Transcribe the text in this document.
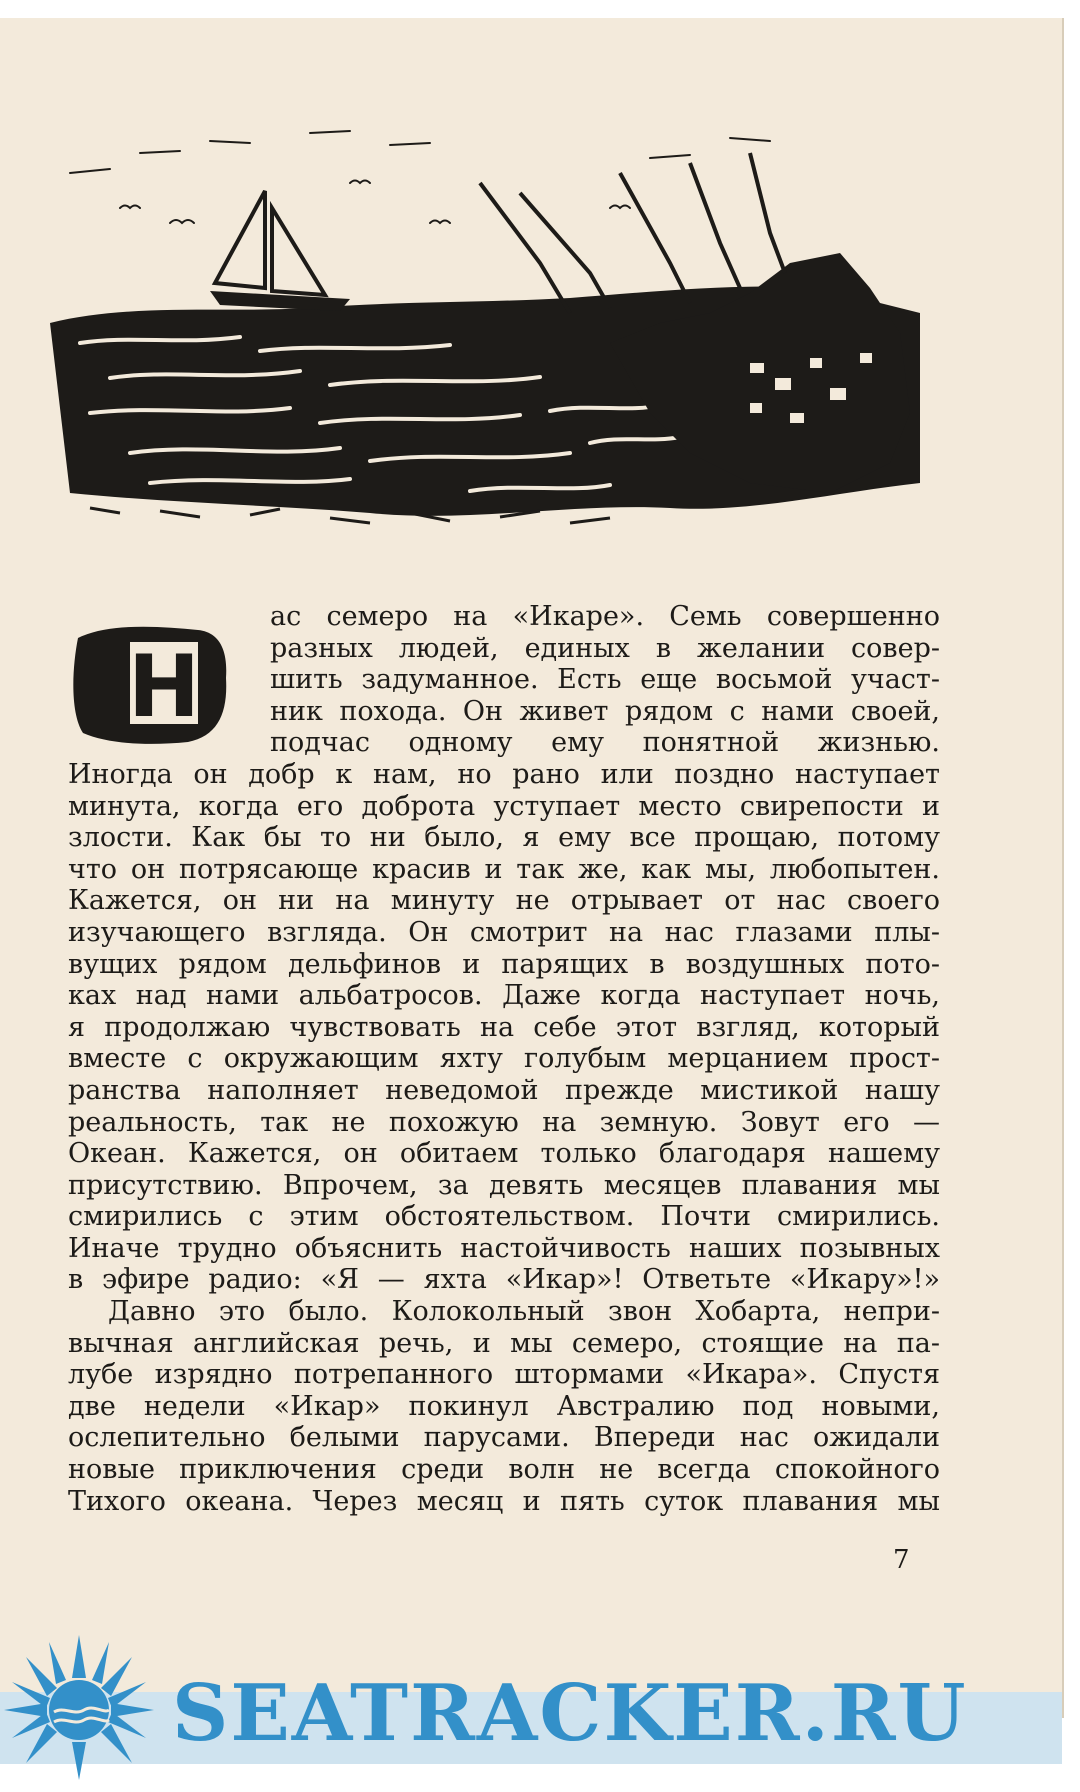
Н
ас семеро на «Икаре». Семь совершенно
разных людей, единых в желании совер-
шить задуманное. Есть еще восьмой участ-
ник похода. Он живет рядом с нами своей,
подчас одному ему понятной жизнью.
Иногда он добр к нам, но рано или поздно наступает
минута, когда его доброта уступает место свирепости и
злости. Как бы то ни было, я ему все прощаю, потому
что он потрясающе красив и так же, как мы, любопытен.
Кажется, он ни на минуту не отрывает от нас своего
изучающего взгляда. Он смотрит на нас глазами плы-
вущих рядом дельфинов и парящих в воздушных пото-
ках над нами альбатросов. Даже когда наступает ночь,
я продолжаю чувствовать на себе этот взгляд, который
вместе с окружающим яхту голубым мерцанием прост-
ранства наполняет неведомой прежде мистикой нашу
реальность, так не похожую на земную. Зовут его —
Океан. Кажется, он обитаем только благодаря нашему
присутствию. Впрочем, за девять месяцев плавания мы
смирились с этим обстоятельством. Почти смирились.
Иначе трудно объяснить настойчивость наших позывных
в эфире радио: «Я — яхта «Икар»! Ответьте «Икару»!»
Давно это было. Колокольный звон Хобарта, непри-
вычная английская речь, и мы семеро, стоящие на па-
лубе изрядно потрепанного штормами «Икара». Спустя
две недели «Икар» покинул Австралию под новыми,
ослепительно белыми парусами. Впереди нас ожидали
новые приключения среди волн не всегда спокойного
Тихого океана. Через месяц и пять суток плавания мы
7
SEATRACKER.RU
